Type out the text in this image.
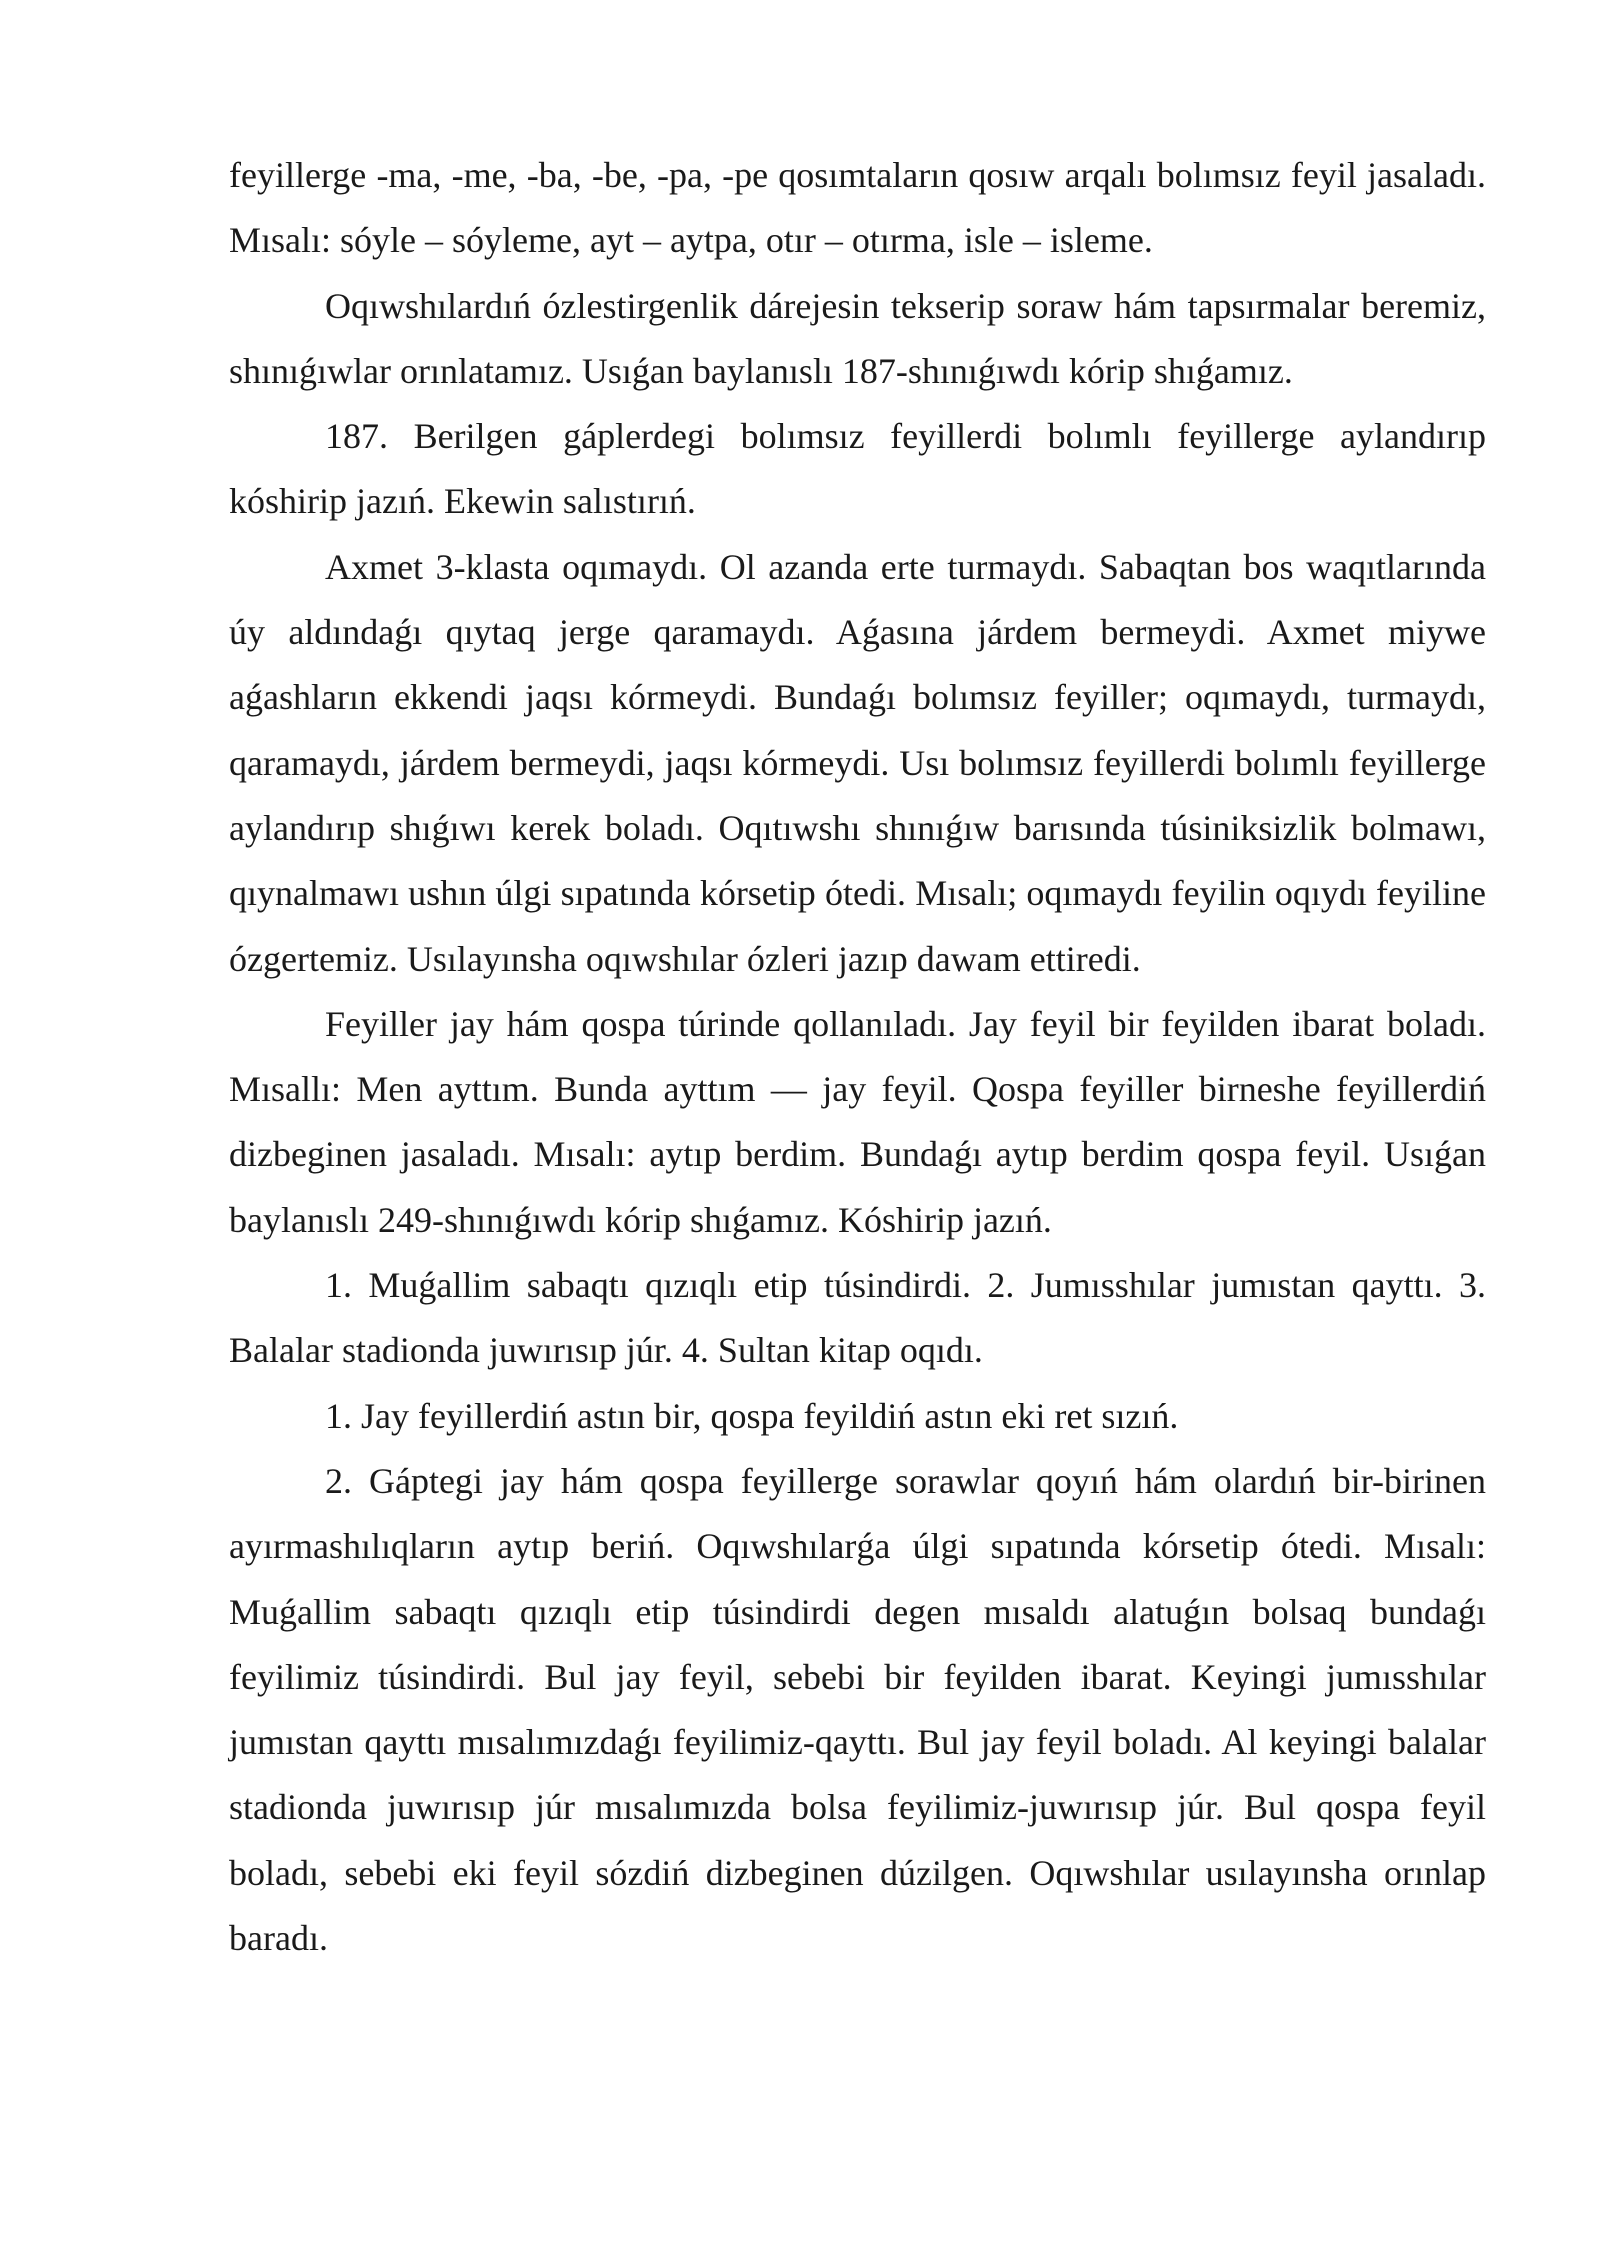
feyillerge -ma, -me, -ba, -be, -pa, -pe qosımtaların qosıw arqalı bolımsız feyil jasaladı. Mısalı: sóyle – sóyleme, ayt – aytpa, otır – otırma, isle – isleme.

Oqıwshılardıń ózlestirgenlik dárejesin tekserip soraw hám tapsırmalar beremiz, shınıǵıwlar orınlatamız. Usıǵan baylanıslı 187-shınıǵıwdı kórip shıǵamız.

187. Berilgen gáplerdegi bolımsız feyillerdi bolımlı feyillerge aylandırıp kóshirip jazıń. Ekewin salıstırıń.

Axmet 3-klasta oqımaydı. Ol azanda erte turmaydı. Sabaqtan bos waqıtlarında úy aldındaǵı qıytaq jerge qaramaydı. Aǵasına járdem bermeydi. Axmet miywe aǵashların ekkendi jaqsı kórmeydi. Bundaǵı bolımsız feyiller; oqımaydı, turmaydı, qaramaydı, járdem bermeydi, jaqsı kórmeydi. Usı bolımsız feyillerdi bolımlı feyillerge aylandırıp shıǵıwı kerek boladı. Oqıtıwshı shınıǵıw barısında túsiniksizlik bolmawı, qıynalmawı ushın úlgi sıpatında kórsetip ótedi. Mısalı; oqımaydı feyilin oqıydı feyiline ózgertemiz. Usılayınsha oqıwshılar ózleri jazıp dawam ettiredi.

Feyiller jay hám qospa túrinde qollanıladı. Jay feyil bir feyilden ibarat boladı. Mısallı: Men ayttım. Bunda ayttım — jay feyil. Qospa feyiller birneshe feyillerdiń dizbeginen jasaladı. Mısalı: aytıp berdim. Bundaǵı aytıp berdim qospa feyil. Usıǵan baylanıslı 249-shınıǵıwdı kórip shıǵamız. Kóshirip jazıń.

1. Muǵallim sabaqtı qızıqlı etip túsindirdi. 2. Jumısshılar jumıstan qayttı. 3. Balalar stadionda juwırısıp júr. 4. Sultan kitap oqıdı.

1. Jay feyillerdiń astın bir, qospa feyildiń astın eki ret sızıń.

2. Gáptegi jay hám qospa feyillerge sorawlar qoyıń hám olardıń bir-birinen ayırmashılıqların aytıp beriń. Oqıwshılarǵa úlgi sıpatında kórsetip ótedi. Mısalı: Muǵallim sabaqtı qızıqlı etip túsindirdi degen mısaldı alatuǵın bolsaq bundaǵı feyilimiz túsindirdi. Bul jay feyil, sebebi bir feyilden ibarat. Keyingi jumısshılar jumıstan qayttı mısalımızdaǵı feyilimiz-qayttı. Bul jay feyil boladı. Al keyingi balalar stadionda juwırısıp júr mısalımızda bolsa feyilimiz-juwırısıp júr. Bul qospa feyil boladı, sebebi eki feyil sózdiń dizbeginen dúzilgen. Oqıwshılar usılayınsha orınlap baradı.
